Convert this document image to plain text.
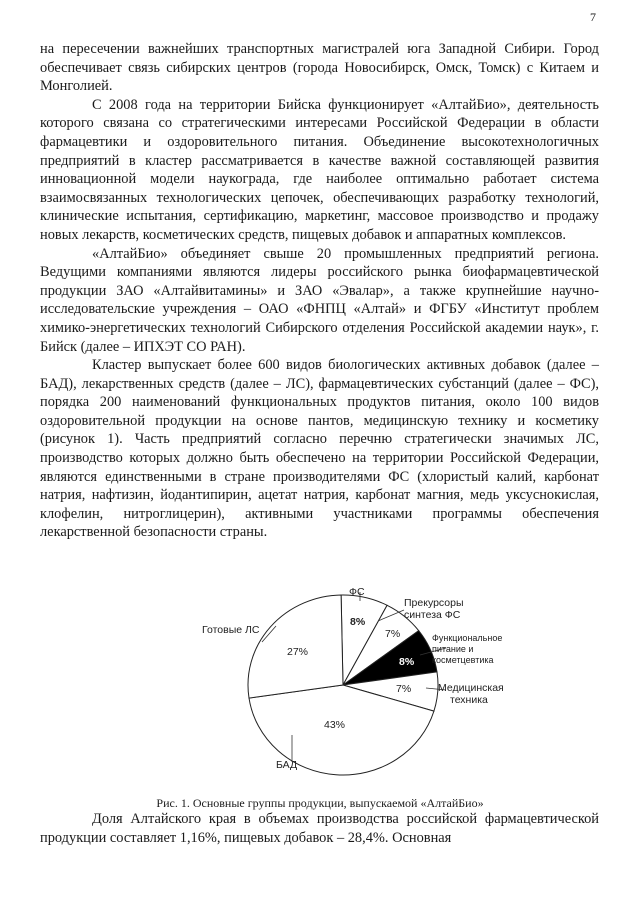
7

на пересечении важнейших транспортных магистралей юга Западной Сибири. Город обеспечивает связь сибирских центров (города Новосибирск, Омск, Томск) с Китаем и Монголией.

С 2008 года на территории Бийска функционирует «АлтайБио», деятельность которого связана со стратегическими интересами Российской Федерации в области фармацевтики и оздоровительного питания. Объединение высокотехнологичных предприятий в кластер рассматривается в качестве важной составляющей развития инновационной модели наукограда, где наиболее оптимально работает система взаимосвязанных технологических цепочек, обеспечивающих разработку технологий, клинические испытания, сертификацию, маркетинг, массовое производство и продажу новых лекарств, косметических средств, пищевых добавок и аппаратных комплексов.

«АлтайБио» объединяет свыше 20 промышленных предприятий региона. Ведущими компаниями являются лидеры российского рынка биофармацевтической продукции ЗАО «Алтайвитамины» и ЗАО «Эвалар», а также крупнейшие научно-исследовательские учреждения – ОАО «ФНПЦ «Алтай» и ФГБУ «Институт проблем химико-энергетических технологий Сибирского отделения Российской академии наук», г. Бийск (далее – ИПХЭТ СО РАН).

Кластер выпускает более 600 видов биологических активных добавок (далее – БАД), лекарственных средств (далее – ЛС), фармацевтических субстанций (далее – ФС), порядка 200 наименований функциональных продуктов питания, около 100 видов оздоровительной продукции на основе пантов, медицинскую технику и косметику (рисунок 1). Часть предприятий согласно перечню стратегически значимых ЛС, производство которых должно быть обеспечено на территории Российской Федерации, являются единственными в стране производителями ФС (хлористый калий, карбонат натрия, нафтизин, йодантипирин, ацетат натрия, карбонат магния, медь уксуснокислая, клофелин, нитроглицерин), активными участниками программы обеспечения лекарственной безопасности страны.

ФС
Прекурсоры
синтеза ФС
Функциональное
питание и
косметцевтика
Медицинская
техника
БАД
Готовые ЛС
8%
7%
8%
7%
43%
27%
Рис. 1. Основные группы продукции, выпускаемой «АлтайБио»

Доля Алтайского края в объемах производства российской фармацевтической продукции составляет 1,16%, пищевых добавок – 28,4%. Основная
